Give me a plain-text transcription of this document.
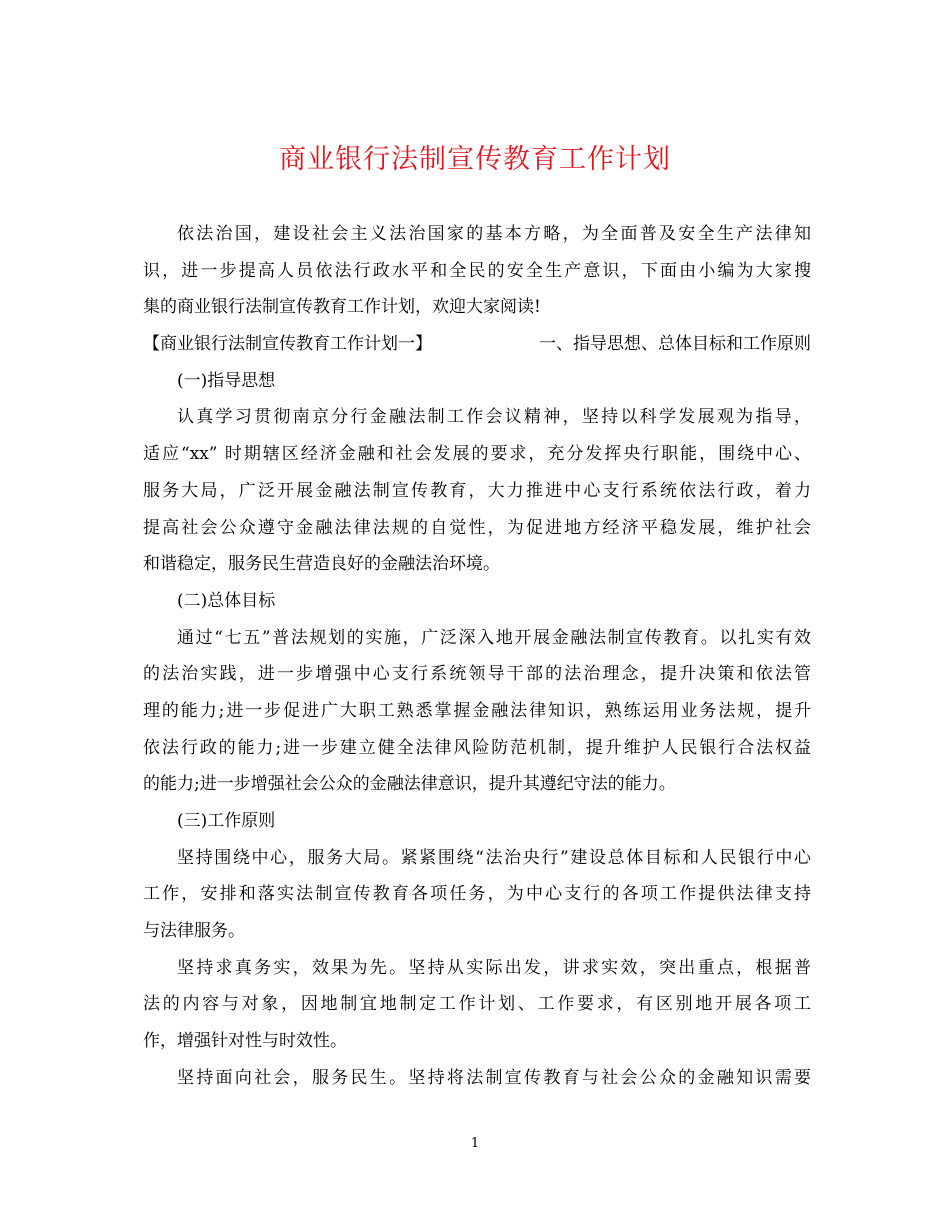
商业银行法制宣传教育工作计划
依法治国，建设社会主义法治国家的基本方略，为全面普及安全生产法律知
识，进一步提高人员依法行政水平和全民的安全生产意识，下面由小编为大家搜
集的商业银行法制宣传教育工作计划，欢迎大家阅读!
【商业银行法制宣传教育工作计划一】	一、指导思想、总体目标和工作原则
(一)指导思想
认真学习贯彻南京分行金融法制工作会议精神，坚持以科学发展观为指导，
适应“xx” 时期辖区经济金融和社会发展的要求，充分发挥央行职能，围绕中心、
服务大局，广泛开展金融法制宣传教育，大力推进中心支行系统依法行政，着力
提高社会公众遵守金融法律法规的自觉性，为促进地方经济平稳发展，维护社会
和谐稳定，服务民生营造良好的金融法治环境。
(二)总体目标
通过“七五”普法规划的实施，广泛深入地开展金融法制宣传教育。以扎实有效
的法治实践，进一步增强中心支行系统领导干部的法治理念，提升决策和依法管
理的能力;进一步促进广大职工熟悉掌握金融法律知识，熟练运用业务法规，提升
依法行政的能力;进一步建立健全法律风险防范机制，提升维护人民银行合法权益
的能力;进一步增强社会公众的金融法律意识，提升其遵纪守法的能力。
(三)工作原则
坚持围绕中心，服务大局。紧紧围绕“法治央行”建设总体目标和人民银行中心
工作，安排和落实法制宣传教育各项任务，为中心支行的各项工作提供法律支持
与法律服务。
坚持求真务实，效果为先。坚持从实际出发，讲求实效，突出重点，根据普
法的内容与对象，因地制宜地制定工作计划、工作要求，有区别地开展各项工
作，增强针对性与时效性。
坚持面向社会，服务民生。坚持将法制宣传教育与社会公众的金融知识需要
1
